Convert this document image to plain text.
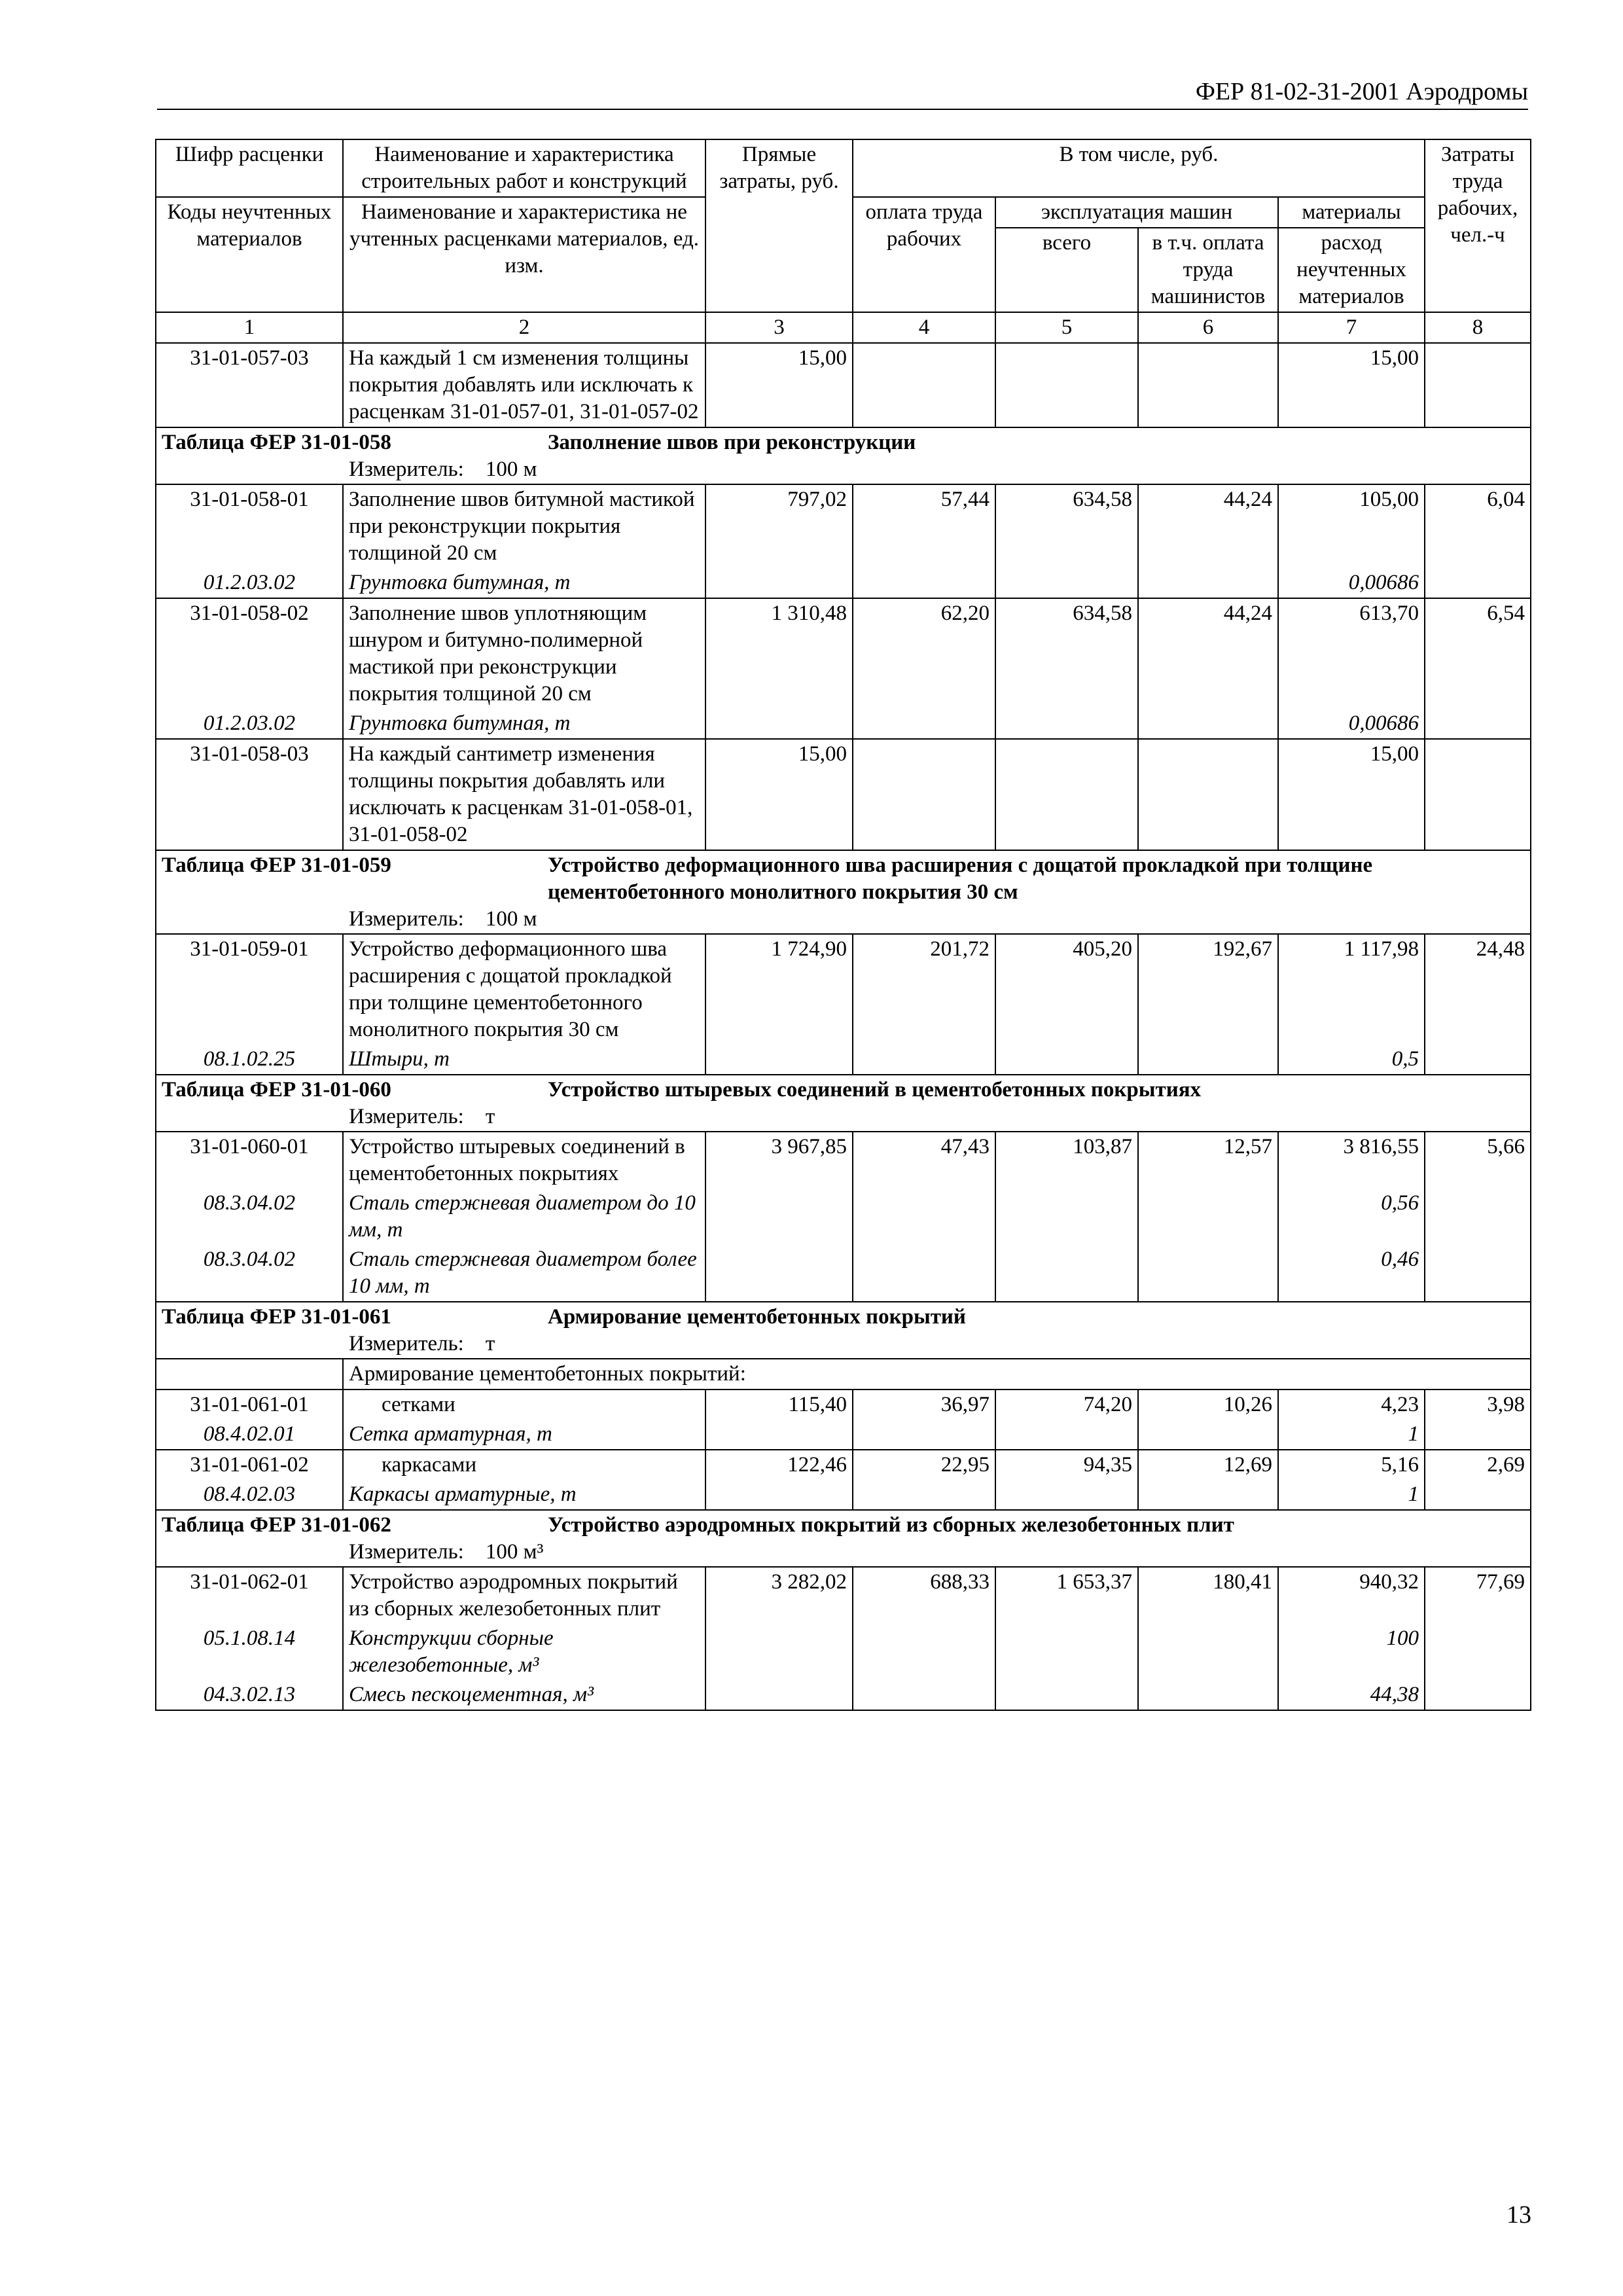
ФЕР 81-02-31-2001 Аэродромы
Шифр расценки	Наименование и характеристика строительных работ и конструкций	Прямые затраты, руб.	В том числе, руб.				Затраты труда рабочих, чел.-ч
Коды неучтенных материалов	Наименование и характеристика не учтенных расценками материалов, ед. изм.		оплата труда рабочих	эксплуатация машин		материалы	
				всего	в т.ч. оплата труда машинистов	расход неучтенных материалов	

1	2	3	4	5	6	7	8
31-01-057-03	На каждый 1 см изменения толщины покрытия добавлять или исключать к расценкам 31-01-057-01, 31-01-057-02	15,00				15,00	

Таблица ФЕР 31-01-058 Заполнение швов при реконструкции
Измеритель: 100 м							

31-01-058-01	Заполнение швов битумной мастикой при реконструкции покрытия толщиной 20 см	797,02	57,44	634,58	44,24	105,00	6,04
01.2.03.02	Грунтовка битумная, т					0,00686	
31-01-058-02	Заполнение швов уплотняющим шнуром и битумно-полимерной мастикой при реконструкции покрытия толщиной 20 см	1 310,48	62,20	634,58	44,24	613,70	6,54
01.2.03.02	Грунтовка битумная, т					0,00686	
31-01-058-03	На каждый сантиметр изменения толщины покрытия добавлять или исключать к расценкам 31-01-058-01, 31-01-058-02	15,00				15,00	

Таблица ФЕР 31-01-059 Устройство деформационного шва расширения с дощатой прокладкой при толщине цементобетонного монолитного покрытия 30 см
Измеритель: 100 м							

31-01-059-01	Устройство деформационного шва расширения с дощатой прокладкой при толщине цементобетонного монолитного покрытия 30 см	1 724,90	201,72	405,20	192,67	1 117,98	24,48
08.1.02.25	Штыри, т					0,5	

Таблица ФЕР 31-01-060 Устройство штыревых соединений в цементобетонных покрытиях
Измеритель: т							

31-01-060-01	Устройство штыревых соединений в цементобетонных покрытиях	3 967,85	47,43	103,87	12,57	3 816,55	5,66
08.3.04.02	Сталь стержневая диаметром до 10 мм, т					0,56	
08.3.04.02	Сталь стержневая диаметром более 10 мм, т					0,46	

Таблица ФЕР 31-01-061 Армирование цементобетонных покрытий
Измеритель: т							

	Армирование цементобетонных покрытий:						
31-01-061-01	сетками	115,40	36,97	74,20	10,26	4,23	3,98
08.4.02.01	Сетка арматурная, т					1	
31-01-061-02	каркасами	122,46	22,95	94,35	12,69	5,16	2,69
08.4.02.03	Каркасы арматурные, т					1	

Таблица ФЕР 31-01-062 Устройство аэродромных покрытий из сборных железобетонных плит
Измеритель: 100 м³							

31-01-062-01	Устройство аэродромных покрытий из сборных железобетонных плит	3 282,02	688,33	1 653,37	180,41	940,32	77,69
05.1.08.14	Конструкции сборные железобетонные, м³					100	
04.3.02.13	Смесь пескоцементная, м³					44,38	
13
